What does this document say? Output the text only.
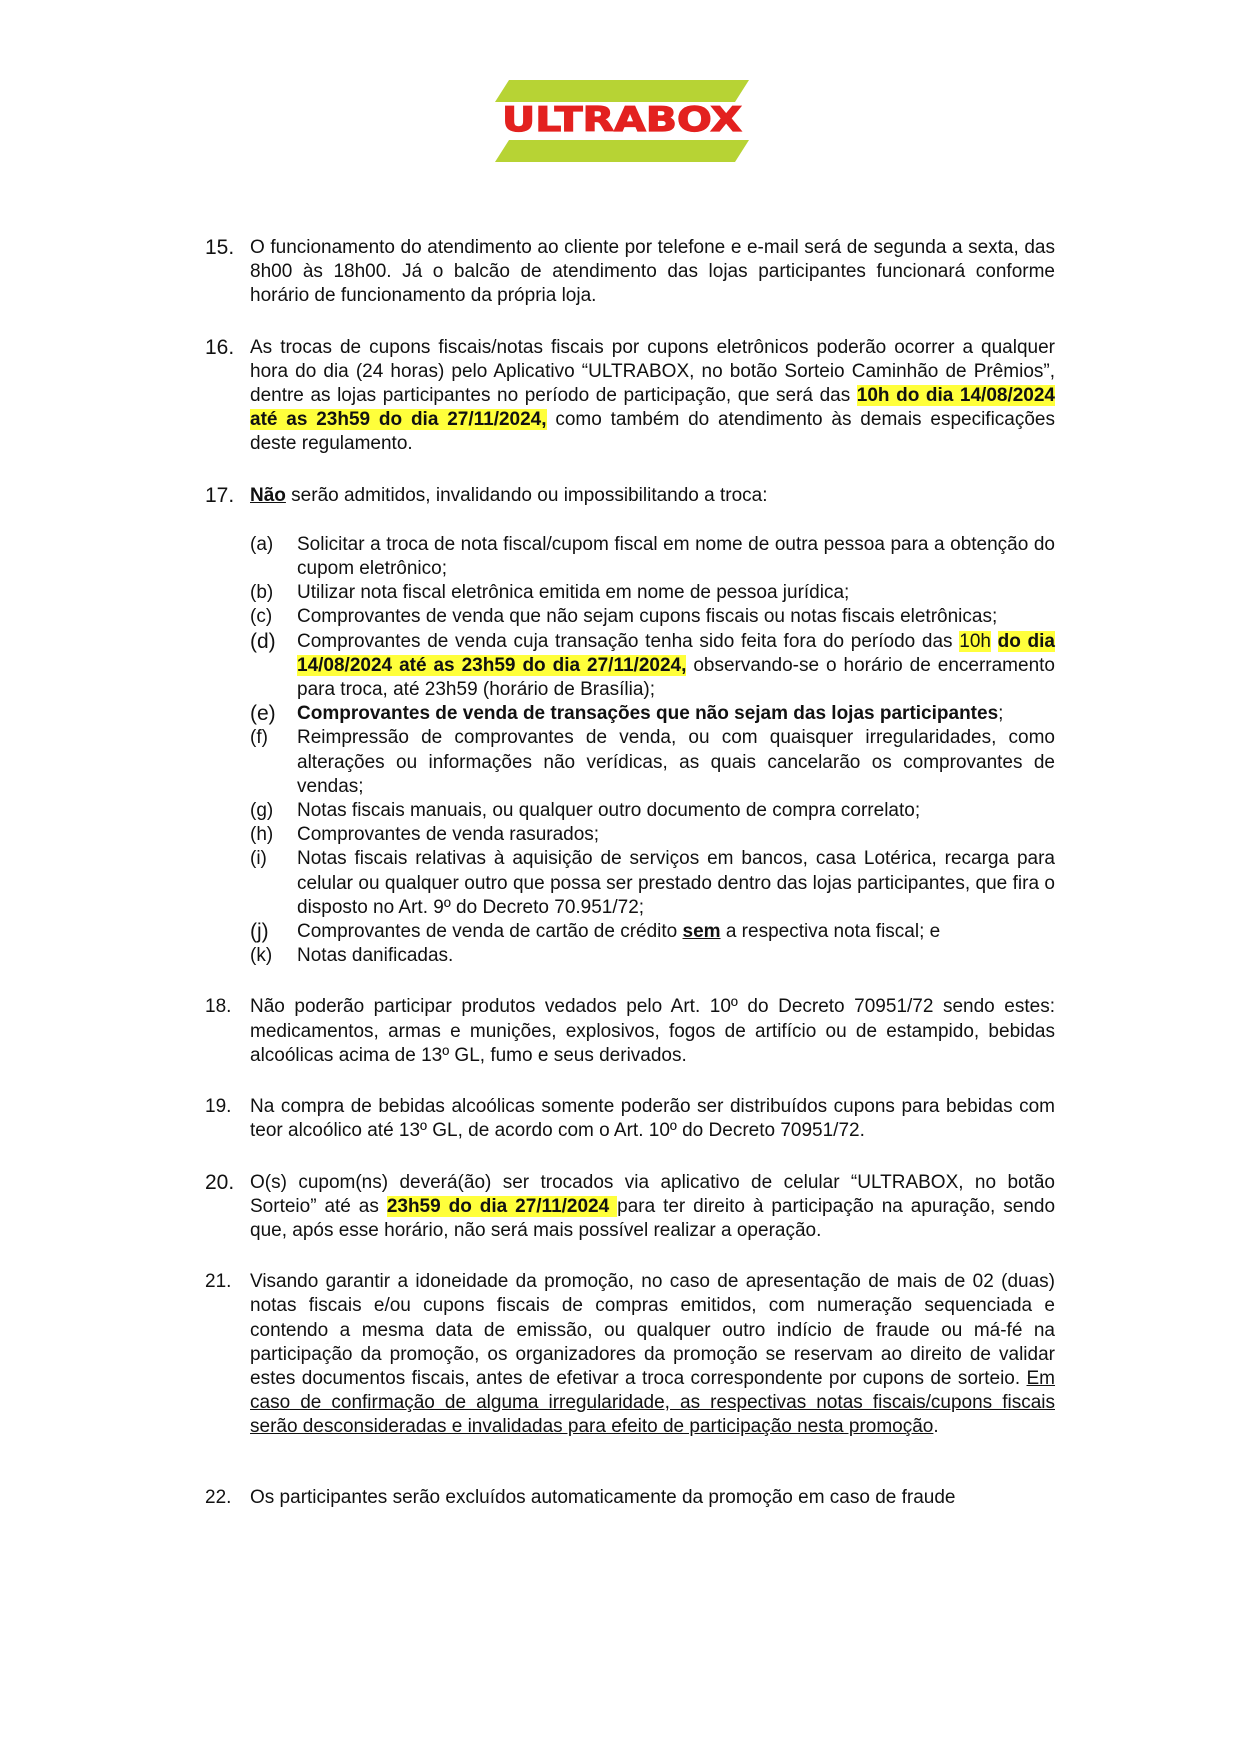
ULTRABOX
15. O funcionamento do atendimento ao cliente por telefone e e-mail será de segunda a sexta, das 8h00 às 18h00. Já o balcão de atendimento das lojas participantes funcionará conforme horário de funcionamento da própria loja.
16. As trocas de cupons fiscais/notas fiscais por cupons eletrônicos poderão ocorrer a qualquer hora do dia (24 horas) pelo Aplicativo “ULTRABOX, no botão Sorteio Caminhão de Prêmios”, dentre as lojas participantes no período de participação, que será das 10h do dia 14/08/2024 até as 23h59 do dia 27/11/2024, como também do atendimento às demais especificações deste regulamento.
17. Não serão admitidos, invalidando ou impossibilitando a troca:
(a)	Solicitar a troca de nota fiscal/cupom fiscal em nome de outra pessoa para a obtenção do cupom eletrônico;
(b)	Utilizar nota fiscal eletrônica emitida em nome de pessoa jurídica;
(c)	Comprovantes de venda que não sejam cupons fiscais ou notas fiscais eletrônicas;
(d)	Comprovantes de venda cuja transação tenha sido feita fora do período das 10h do dia 14/08/2024 até as 23h59 do dia 27/11/2024, observando-se o horário de encerramento para troca, até 23h59 (horário de Brasília);
(e)	Comprovantes de venda de transações que não sejam das lojas participantes;
(f)	Reimpressão de comprovantes de venda, ou com quaisquer irregularidades, como alterações ou informações não verídicas, as quais cancelarão os comprovantes de vendas;
(g)	Notas fiscais manuais, ou qualquer outro documento de compra correlato;
(h)	Comprovantes de venda rasurados;
(i)	Notas fiscais relativas à aquisição de serviços em bancos, casa Lotérica, recarga para celular ou qualquer outro que possa ser prestado dentro das lojas participantes, que fira o disposto no Art. 9º do Decreto 70.951/72;
(j)	Comprovantes de venda de cartão de crédito sem a respectiva nota fiscal; e
(k)	Notas danificadas.
18. Não poderão participar produtos vedados pelo Art. 10º do Decreto 70951/72 sendo estes: medicamentos, armas e munições, explosivos, fogos de artifício ou de estampido, bebidas alcoólicas acima de 13º GL, fumo e seus derivados.
19. Na compra de bebidas alcoólicas somente poderão ser distribuídos cupons para bebidas com teor alcoólico até 13º GL, de acordo com o Art. 10º do Decreto 70951/72.
20. O(s) cupom(ns) deverá(ão) ser trocados via aplicativo de celular “ULTRABOX, no botão Sorteio” até as 23h59 do dia 27/11/2024 para ter direito à participação na apuração, sendo que, após esse horário, não será mais possível realizar a operação.
21. Visando garantir a idoneidade da promoção, no caso de apresentação de mais de 02 (duas) notas fiscais e/ou cupons fiscais de compras emitidos, com numeração sequenciada e contendo a mesma data de emissão, ou qualquer outro indício de fraude ou má-fé na participação da promoção, os organizadores da promoção se reservam ao direito de validar estes documentos fiscais, antes de efetivar a troca correspondente por cupons de sorteio. Em caso de confirmação de alguma irregularidade, as respectivas notas fiscais/cupons fiscais serão desconsideradas e invalidadas para efeito de participação nesta promoção.
22. Os participantes serão excluídos automaticamente da promoção em caso de fraude
